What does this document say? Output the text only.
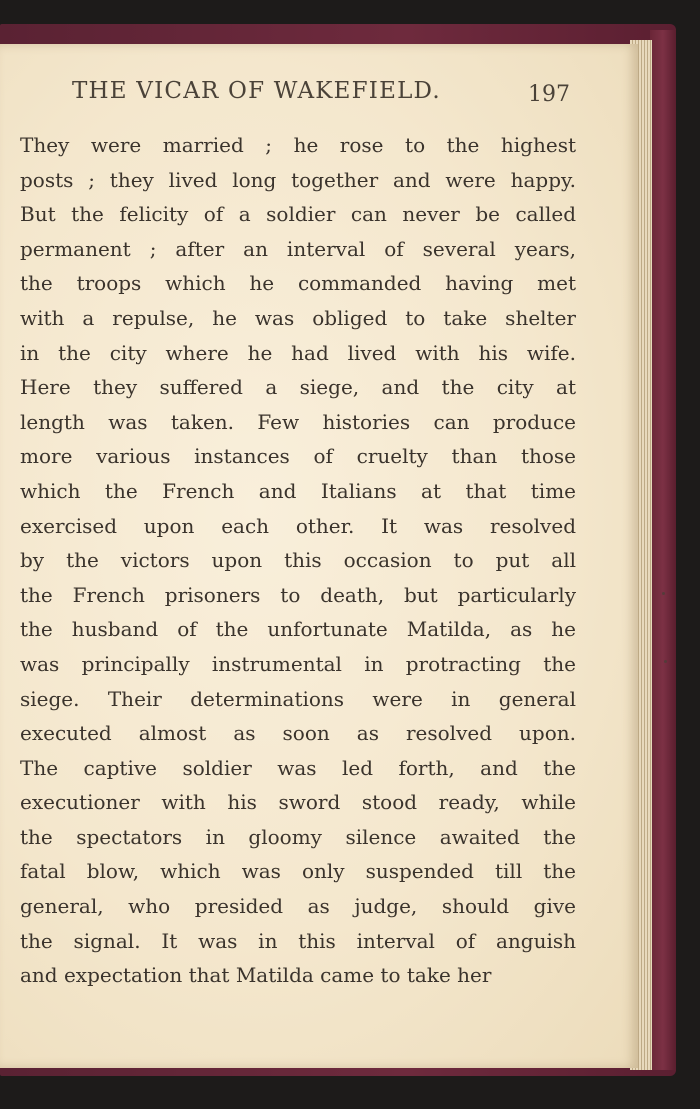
THE VICAR OF WAKEFIELD.	197
They were married ; he rose to the highest
posts ; they lived long together and were happy.
But the felicity of a soldier can never be called
permanent ; after an interval of several years,
the troops which he commanded having met
with a repulse, he was obliged to take shelter
in the city where he had lived with his wife.
Here they suffered a siege, and the city at
length was taken. Few histories can produce
more various instances of cruelty than those
which the French and Italians at that time
exercised upon each other. It was resolved
by the victors upon this occasion to put all
the French prisoners to death, but particularly
the husband of the unfortunate Matilda, as he
was principally instrumental in protracting the
siege. Their determinations were in general
executed almost as soon as resolved upon.
The captive soldier was led forth, and the
executioner with his sword stood ready, while
the spectators in gloomy silence awaited the
fatal blow, which was only suspended till the
general, who presided as judge, should give
the signal. It was in this interval of anguish
and expectation that Matilda came to take her
